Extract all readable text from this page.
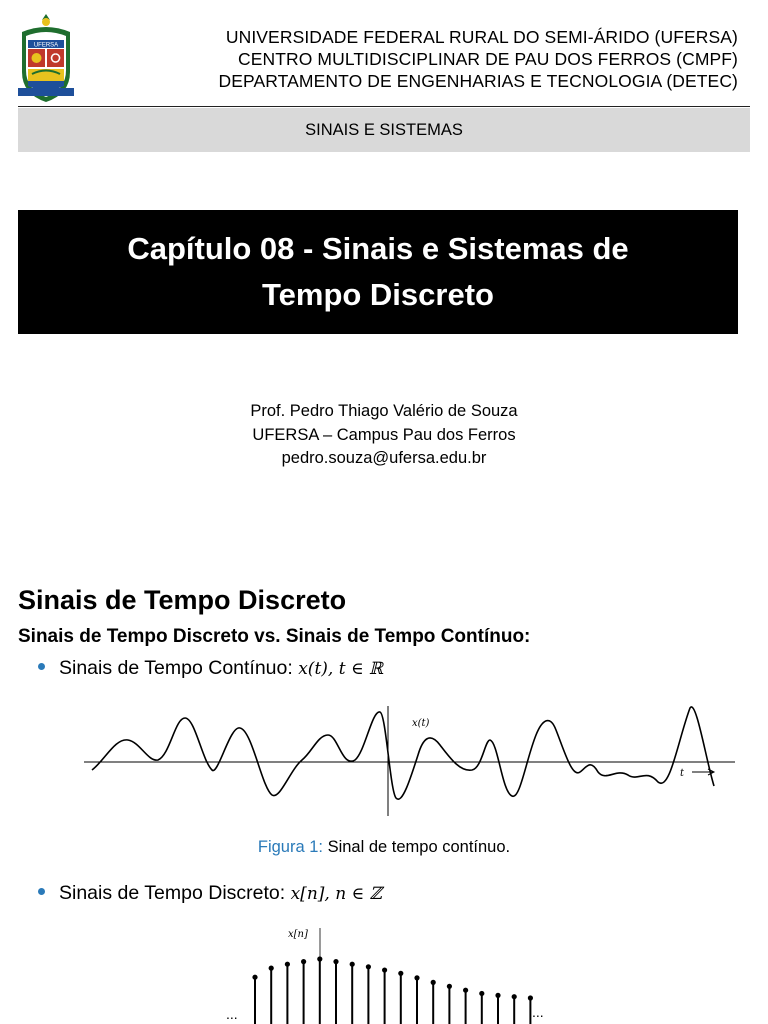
UFERSA	UNIVERSIDADE FEDERAL RURAL DO SEMI-ÁRIDO (UFERSA)
CENTRO MULTIDISCIPLINAR DE PAU DOS FERROS (CMPF)
DEPARTAMENTO DE ENGENHARIAS E TECNOLOGIA (DETEC)
SINAIS E SISTEMAS
Capítulo 08 - Sinais e Sistemas de
Tempo Discreto
Prof. Pedro Thiago Valério de Souza
UFERSA – Campus Pau dos Ferros
pedro.souza@ufersa.edu.br
Sinais de Tempo Discreto
Sinais de Tempo Discreto vs. Sinais de Tempo Contínuo:
Sinais de Tempo Contínuo: x(t), t ∈ ℝ
x(t)
t
Figura 1: Sinal de tempo contínuo.
Sinais de Tempo Discreto: x[n], n ∈ ℤ
x[n]
...	...
